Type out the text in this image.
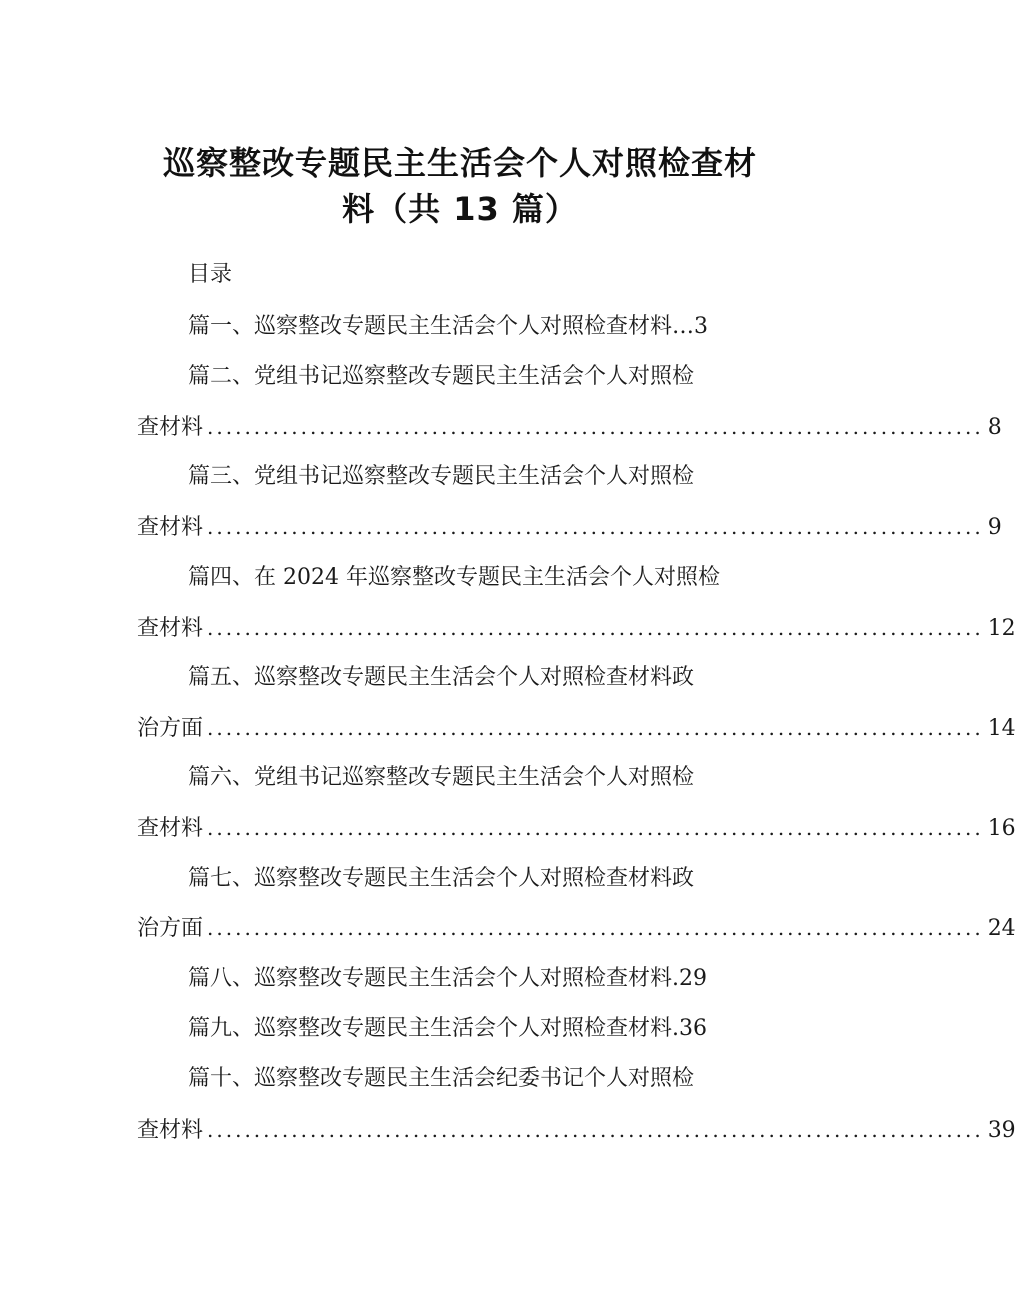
巡察整改专题民主生活会个人对照检查材
料（共 13 篇）
目录
篇一、巡察整改专题民主生活会个人对照检查材料…3
篇二、党组书记巡察整改专题民主生活会个人对照检
查材料 ................................................................................... 8
篇三、党组书记巡察整改专题民主生活会个人对照检
查材料 ................................................................................... 9
篇四、在 2024 年巡察整改专题民主生活会个人对照检
查材料 ................................................................................... 12
篇五、巡察整改专题民主生活会个人对照检查材料政
治方面 ................................................................................... 14
篇六、党组书记巡察整改专题民主生活会个人对照检
查材料 ................................................................................... 16
篇七、巡察整改专题民主生活会个人对照检查材料政
治方面 ................................................................................... 24
篇八、巡察整改专题民主生活会个人对照检查材料.29
篇九、巡察整改专题民主生活会个人对照检查材料.36
篇十、巡察整改专题民主生活会纪委书记个人对照检
查材料 ................................................................................... 39
